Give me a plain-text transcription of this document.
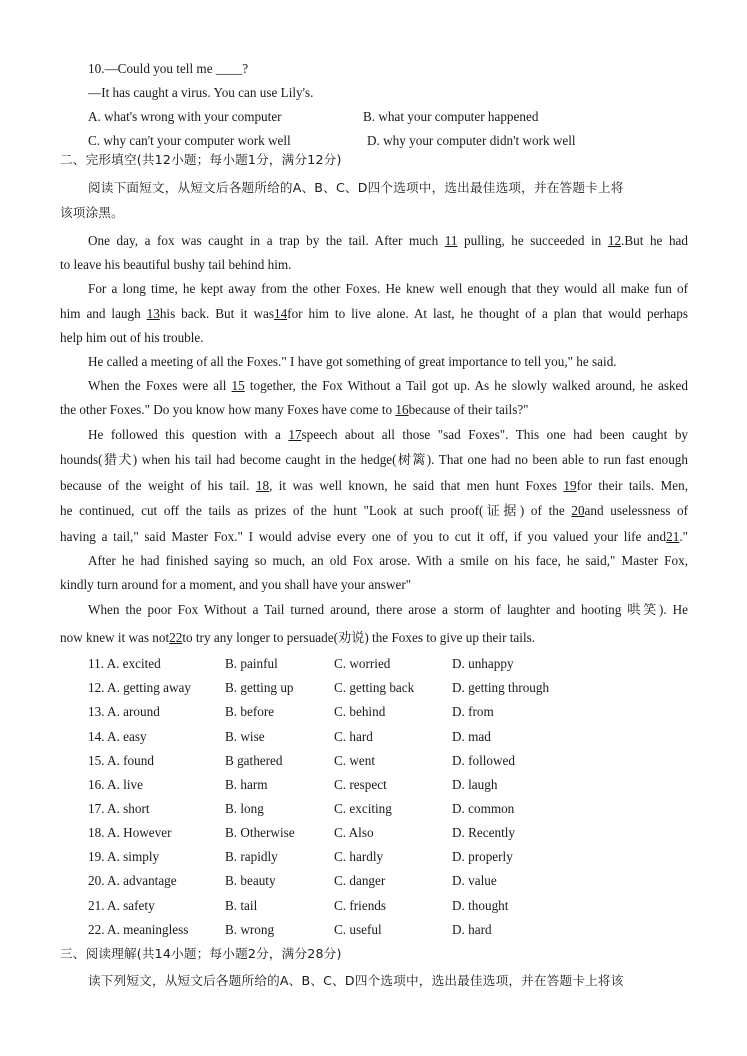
10.—Could you tell me ____?
—It has caught a virus. You can use Lily's.
A. what's wrong with your computer	B. what your computer happened
C. why can't your computer work well	D. why your computer didn't work well
二、完形填空(共12小题；每小题1分，满分12分)
阅读下面短文，从短文后各题所给的A、B、C、D四个选项中，选出最佳选项，并在答题卡上将
该项涂黑。
One day, a fox was caught in a trap by the tail. After much 11 pulling, he succeeded in 12.But he had
to leave his beautiful bushy tail behind him.
For a long time, he kept away from the other Foxes. He knew well enough that they would all make fun of
him and laugh 13his back. But it was14for him to live alone. At last, he thought of a plan that would perhaps
help him out of his trouble.
He called a meeting of all the Foxes." I have got something of great importance to tell you," he said.
When the Foxes were all 15 together, the Fox Without a Tail got up. As he slowly walked around, he asked
the other Foxes." Do you know how many Foxes have come to 16because of their tails?"
He followed this question with a 17speech about all those "sad Foxes". This one had been caught by
hounds(猎犬) when his tail had become caught in the hedge(树篱). That one had no been able to run fast enough
because of the weight of his tail. 18, it was well known, he said that men hunt Foxes 19for their tails. Men,
he continued, cut off the tails as prizes of the hunt "Look at such proof(证据) of the 20and uselessness of
having a tail," said Master Fox." I would advise every one of you to cut it off, if you valued your life and21."
After he had finished saying so much, an old Fox arose. With a smile on his face, he said," Master Fox,
kindly turn around for a moment, and you shall have your answer"
When the poor Fox Without a Tail turned around, there arose a storm of laughter and hooting 哄笑). He
now knew it was not22to try any longer to persuade(劝说) the Foxes to give up their tails.
11. A. excited	B. painful	C. worried	D. unhappy
12. A. getting away	B. getting up	C. getting back	D. getting through
13. A. around	B. before	C. behind	D. from
14. A. easy	B. wise	C. hard	D. mad
15. A. found	B gathered	C. went	D. followed
16. A. live	B. harm	C. respect	D. laugh
17. A. short	B. long	C. exciting	D. common
18. A. However	B. Otherwise	C. Also	D. Recently
19. A. simply	B. rapidly	C. hardly	D. properly
20. A. advantage	B. beauty	C. danger	D. value
21. A. safety	B. tail	C. friends	D. thought
22. A. meaningless	B. wrong	C. useful	D. hard
三、阅读理解(共14小题；每小题2分，满分28分)
读下列短文，从短文后各题所给的A、B、C、D四个选项中，选出最佳选项，并在答题卡上将该
